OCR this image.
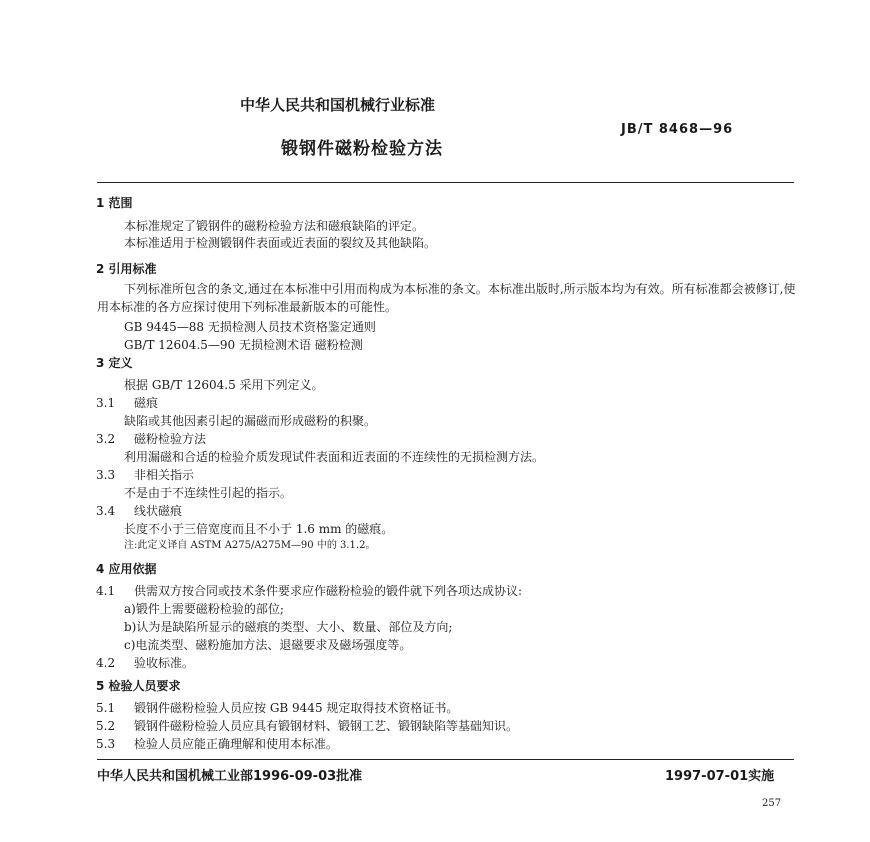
中华人民共和国机械行业标准
JB/T 8468—96
锻钢件磁粉检验方法
1 范围
本标准规定了锻钢件的磁粉检验方法和磁痕缺陷的评定。
本标准适用于检测锻钢件表面或近表面的裂纹及其他缺陷。
2 引用标准
下列标准所包含的条文,通过在本标准中引用而构成为本标准的条文。本标准出版时,所示版本均为有效。所有标准都会被修订,使用本标准的各方应探讨使用下列标准最新版本的可能性。
GB 9445—88 无损检测人员技术资格鉴定通则
GB/T 12604.5—90 无损检测术语 磁粉检测
3 定义
根据 GB/T 12604.5 采用下列定义。
3.1 磁痕
缺陷或其他因素引起的漏磁而形成磁粉的积聚。
3.2 磁粉检验方法
利用漏磁和合适的检验介质发现试件表面和近表面的不连续性的无损检测方法。
3.3 非相关指示
不是由于不连续性引起的指示。
3.4 线状磁痕
长度不小于三倍宽度而且不小于 1.6 mm 的磁痕。
注:此定义译自 ASTM A275/A275M—90 中的 3.1.2。
4 应用依据
4.1 供需双方按合同或技术条件要求应作磁粉检验的锻件就下列各项达成协议:
a)锻件上需要磁粉检验的部位;
b)认为是缺陷所显示的磁痕的类型、大小、数量、部位及方向;
c)电流类型、磁粉施加方法、退磁要求及磁场强度等。
4.2 验收标准。
5 检验人员要求
5.1 锻钢件磁粉检验人员应按 GB 9445 规定取得技术资格证书。
5.2 锻钢件磁粉检验人员应具有锻钢材料、锻钢工艺、锻钢缺陷等基础知识。
5.3 检验人员应能正确理解和使用本标准。
中华人民共和国机械工业部1996-09-03批准	1997-07-01实施
257
